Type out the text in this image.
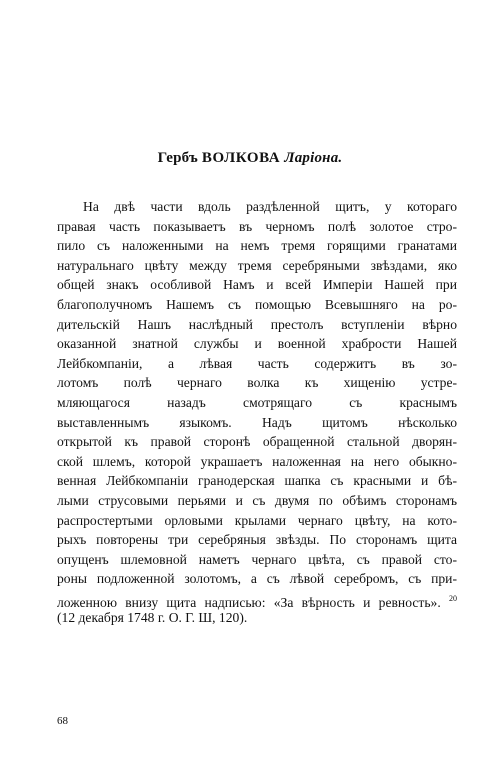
Гербъ ВОЛКОВА Ларіона.
На двѣ части вдоль раздѣленной щитъ, у котораго
правая часть показываетъ въ черномъ полѣ золотое стро-
пило съ наложенными на немъ тремя горящими гранатами
натуральнаго цвѣту между тремя серебряными звѣздами, яко
общей знакъ особливой Намъ и всей Имперіи Нашей при
благополучномъ Нашемъ съ помощью Всевышняго на ро-
дительскій Нашъ наслѣдный престолъ вступленіи вѣрно
оказанной знатной службы и военной храбрости Нашей
Лейбкомпаніи, а лѣвая часть содержитъ въ зо-
лотомъ полѣ чернаго волка къ хищенію устре-
мляющагося назадъ смотрящаго съ краснымъ
выставленнымъ языкомъ. Надъ щитомъ нѣсколько
открытой къ правой сторонѣ обращенной стальной дворян-
ской шлемъ, которой украшаетъ наложенная на него обыкно-
венная Лейбкомпаніи гранодерская шапка съ красными и бѣ-
лыми струсовыми перьями и съ двумя по обѣимъ сторонамъ
распростертыми орловыми крылами чернаго цвѣту, на кото-
рыхъ повторены три серебряныя звѣзды. По сторонамъ щита
опущенъ шлемовной наметъ чернаго цвѣта, съ правой сто-
роны подложенной золотомъ, а съ лѣвой серебромъ, съ при-
ложенною внизу щита надписью: «За вѣрность и ревность». $^{20}$
(12 декабря 1748 г. О. Г. Ш, 120).
68
